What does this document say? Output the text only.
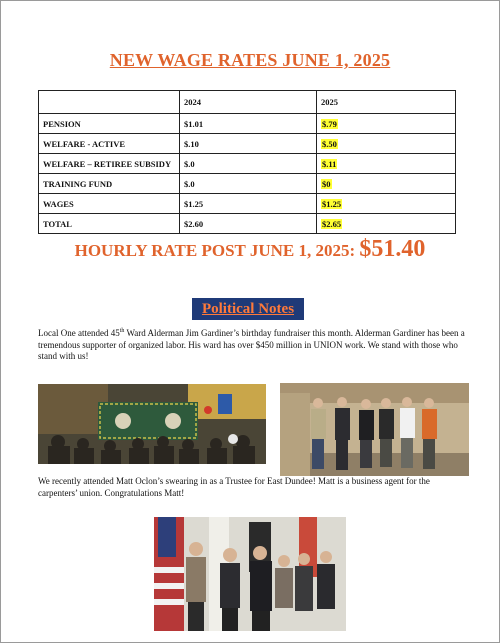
NEW WAGE RATES JUNE 1, 2025
	2024	2025
PENSION	$1.01	$.79
WELFARE - ACTIVE	$.10	$.50
WELFARE – RETIREE SUBSIDY	$.0	$.11
TRAINING FUND	$.0	$0
WAGES	$1.25	$1.25
TOTAL	$2.60	$2.65
HOURLY RATE POST JUNE 1, 2025: $51.40
Political Notes
Local One attended 45th Ward Alderman Jim Gardiner’s birthday fundraiser this month. Alderman Gardiner has been a tremendous supporter of organized labor. His ward has over $450 million in UNION work. We stand with those who stand with us!
We recently attended Matt Oclon’s swearing in as a Trustee for East Dundee! Matt is a business agent for the carpenters’ union. Congratulations Matt!
